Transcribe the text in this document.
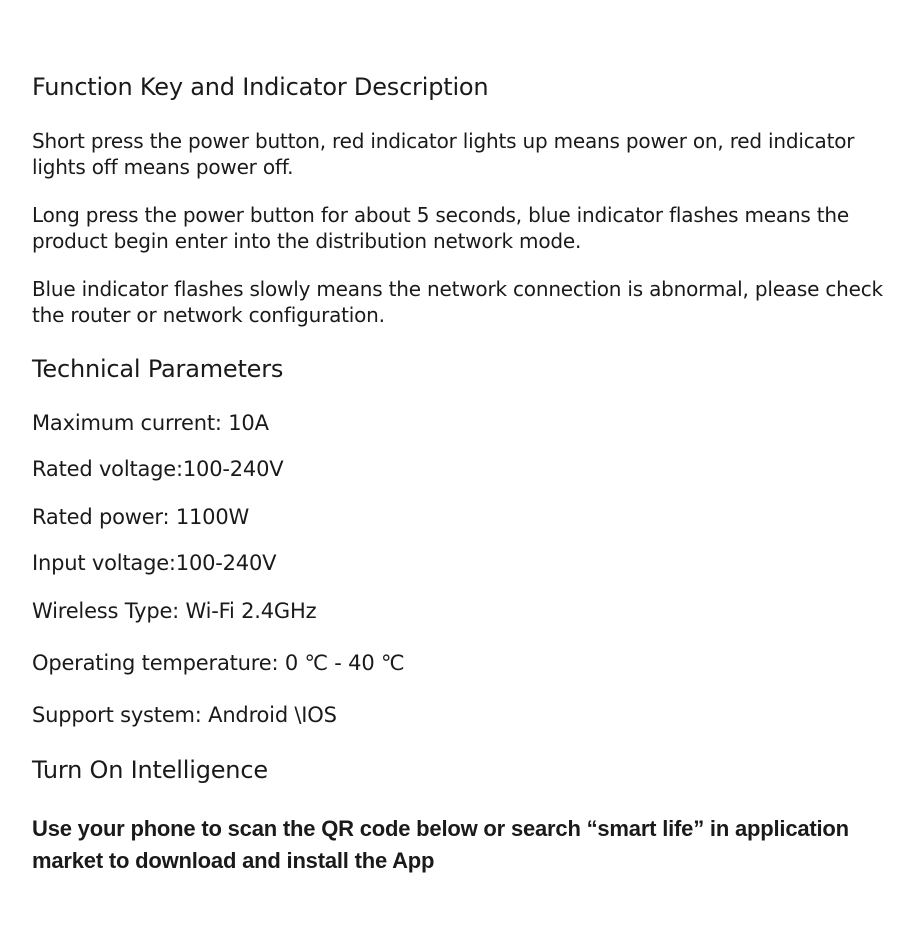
Function Key and Indicator Description

Short press the power button, red indicator lights up means power on, red indicator lights off means power off.

Long press the power button for about 5 seconds, blue indicator flashes means the product begin enter into the distribution network mode.

Blue indicator flashes slowly means the network connection is abnormal, please check the router or network configuration.

Technical Parameters

Maximum current: 10A

Rated voltage:100-240V

Rated power: 1100W

Input voltage:100-240V

Wireless Type: Wi-Fi 2.4GHz

Operating temperature: 0 ℃ - 40 ℃

Support system: Android \IOS

Turn On Intelligence

Use your phone to scan the QR code below or search “smart life” in application market to download and install the App
